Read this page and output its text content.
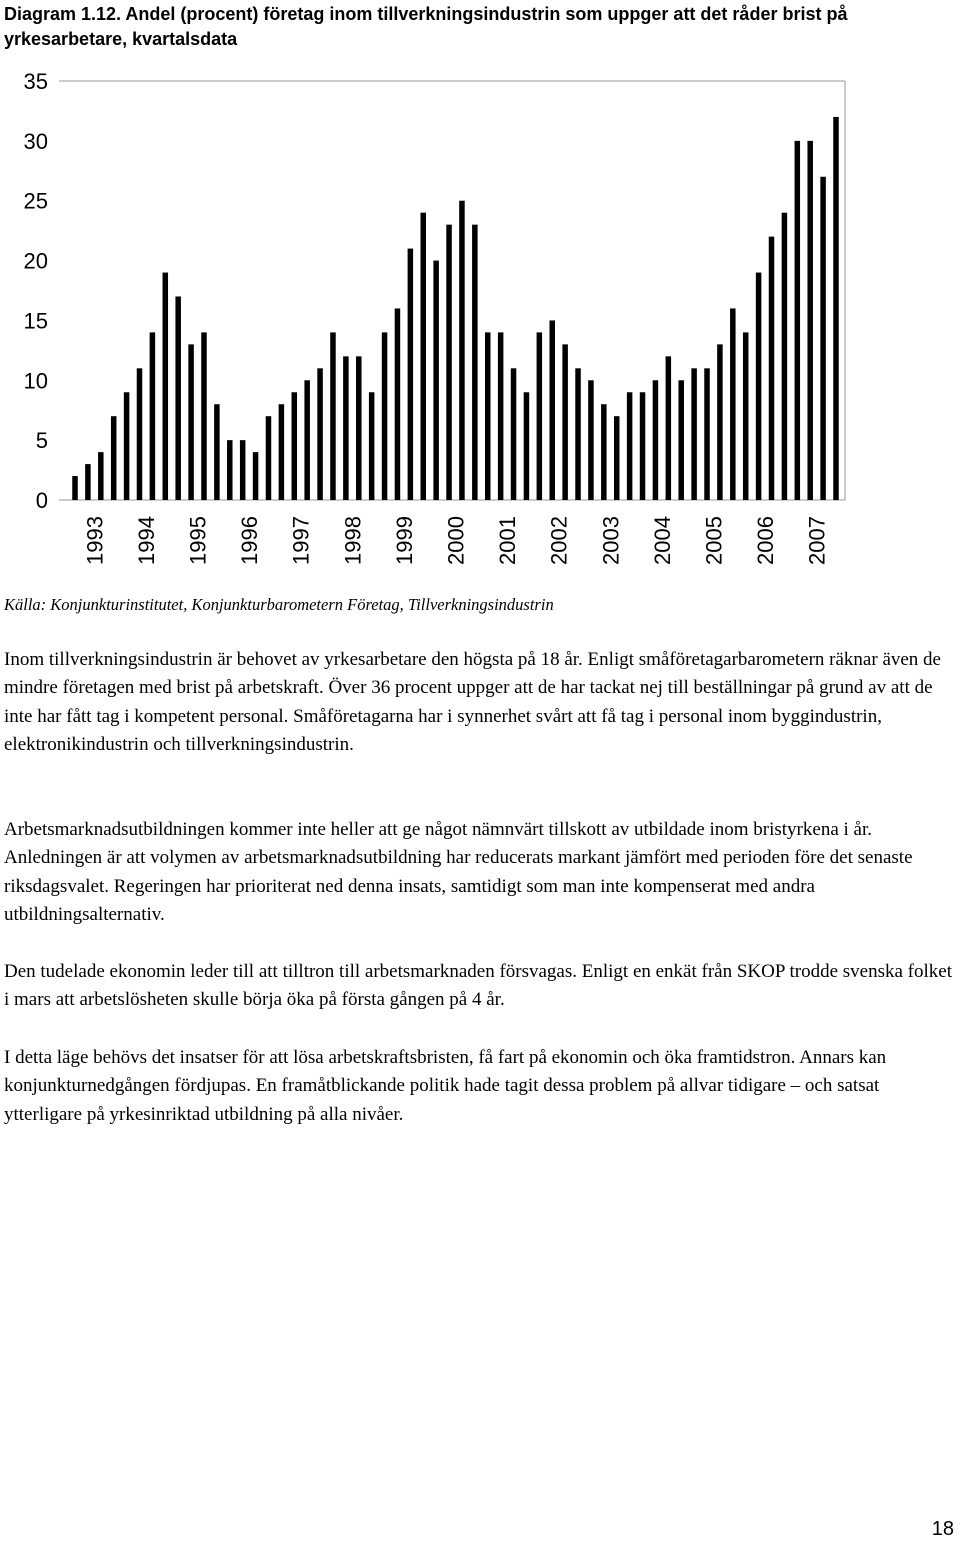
Diagram 1.12. Andel (procent) företag inom tillverkningsindustrin som uppger att det råder brist på yrkesarbetare, kvartalsdata
0
5
10
15
20
25
30
35
1993 1994 1995 1996 1997 1998 1999 2000 2001 2002 2003 2004 2005 2006 2007
Källa: Konjunkturinstitutet, Konjunkturbarometern Företag, Tillverkningsindustrin

Inom tillverkningsindustrin är behovet av yrkesarbetare den högsta på 18 år. Enligt småföretagarbarometern räknar även de mindre företagen med brist på arbetskraft. Över 36 procent uppger att de har tackat nej till beställningar på grund av att de inte har fått tag i kompetent personal. Småföretagarna har i synnerhet svårt att få tag i personal inom byggindustrin, elektronikindustrin och tillverkningsindustrin.

Arbetsmarknadsutbildningen kommer inte heller att ge något nämnvärt tillskott av utbildade inom bristyrkena i år. Anledningen är att volymen av arbetsmarknadsutbildning har reducerats markant jämfört med perioden före det senaste riksdagsvalet. Regeringen har prioriterat ned denna insats, samtidigt som man inte kompenserat med andra utbildningsalternativ.

Den tudelade ekonomin leder till att tilltron till arbetsmarknaden försvagas. Enligt en enkät från SKOP trodde svenska folket i mars att arbetslösheten skulle börja öka på första gången på 4 år.

I detta läge behövs det insatser för att lösa arbetskraftsbristen, få fart på ekonomin och öka framtidstron. Annars kan konjunkturnedgången fördjupas. En framåtblickande politik hade tagit dessa problem på allvar tidigare – och satsat ytterligare på yrkesinriktad utbildning på alla nivåer.

18
